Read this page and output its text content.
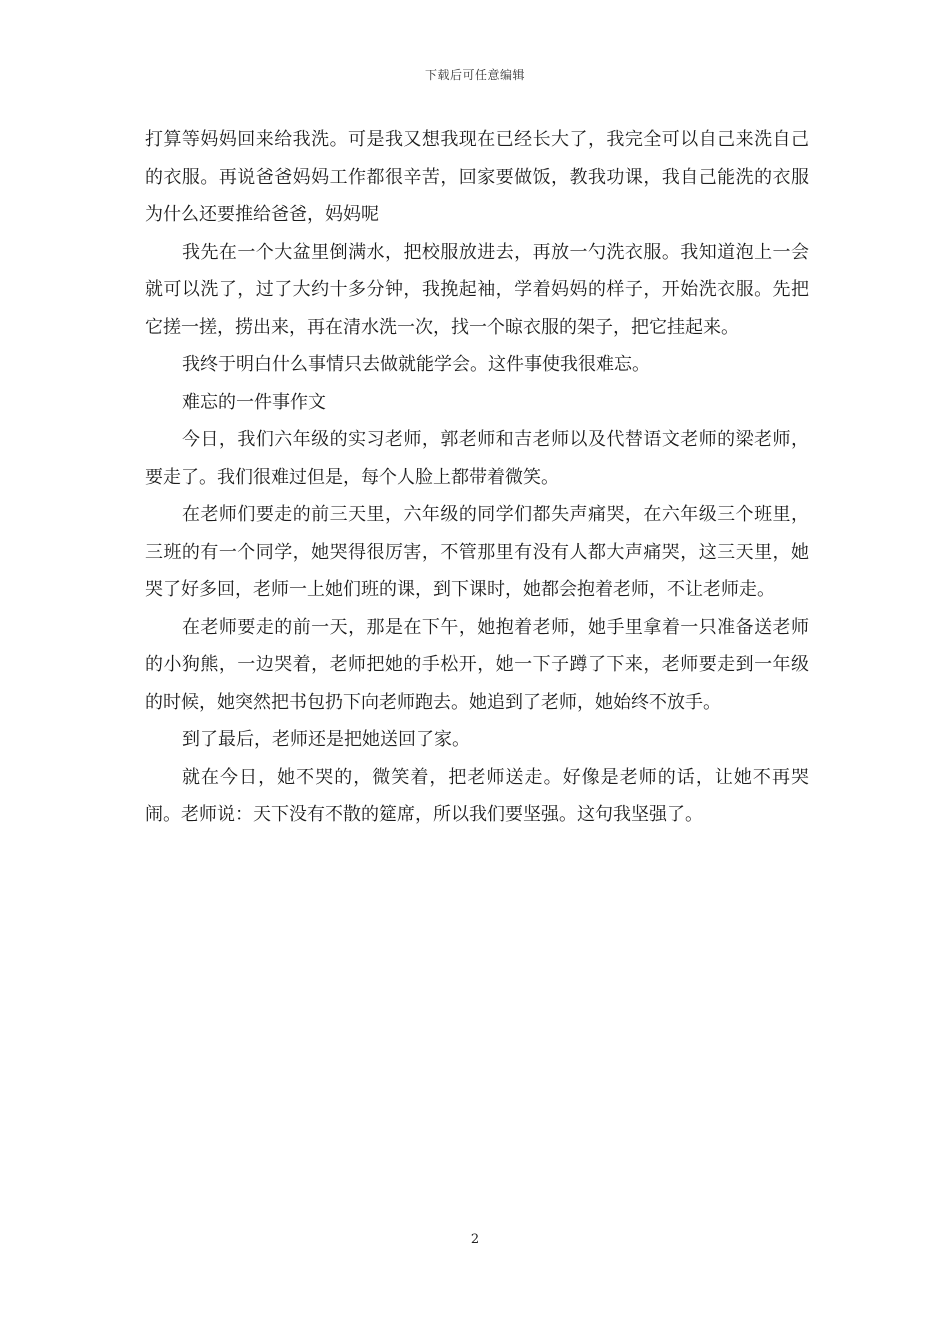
下载后可任意编辑

打算等妈妈回来给我洗。可是我又想我现在已经长大了，我完全可以自己来洗自己的衣服。再说爸爸妈妈工作都很辛苦，回家要做饭，教我功课，我自己能洗的衣服为什么还要推给爸爸，妈妈呢

我先在一个大盆里倒满水，把校服放进去，再放一勺洗衣服。我知道泡上一会就可以洗了，过了大约十多分钟，我挽起袖，学着妈妈的样子，开始洗衣服。先把它搓一搓，捞出来，再在清水洗一次，找一个晾衣服的架子，把它挂起来。

我终于明白什么事情只去做就能学会。这件事使我很难忘。

难忘的一件事作文

今日，我们六年级的实习老师，郭老师和吉老师以及代替语文老师的梁老师，要走了。我们很难过但是，每个人脸上都带着微笑。

在老师们要走的前三天里，六年级的同学们都失声痛哭，在六年级三个班里，三班的有一个同学，她哭得很厉害，不管那里有没有人都大声痛哭，这三天里，她哭了好多回，老师一上她们班的课，到下课时，她都会抱着老师，不让老师走。

在老师要走的前一天，那是在下午，她抱着老师，她手里拿着一只准备送老师的小狗熊，一边哭着，老师把她的手松开，她一下子蹲了下来，老师要走到一年级的时候，她突然把书包扔下向老师跑去。她追到了老师，她始终不放手。

到了最后，老师还是把她送回了家。

就在今日，她不哭的，微笑着，把老师送走。好像是老师的话，让她不再哭闹。老师说：天下没有不散的筵席，所以我们要坚强。这句我坚强了。

2
